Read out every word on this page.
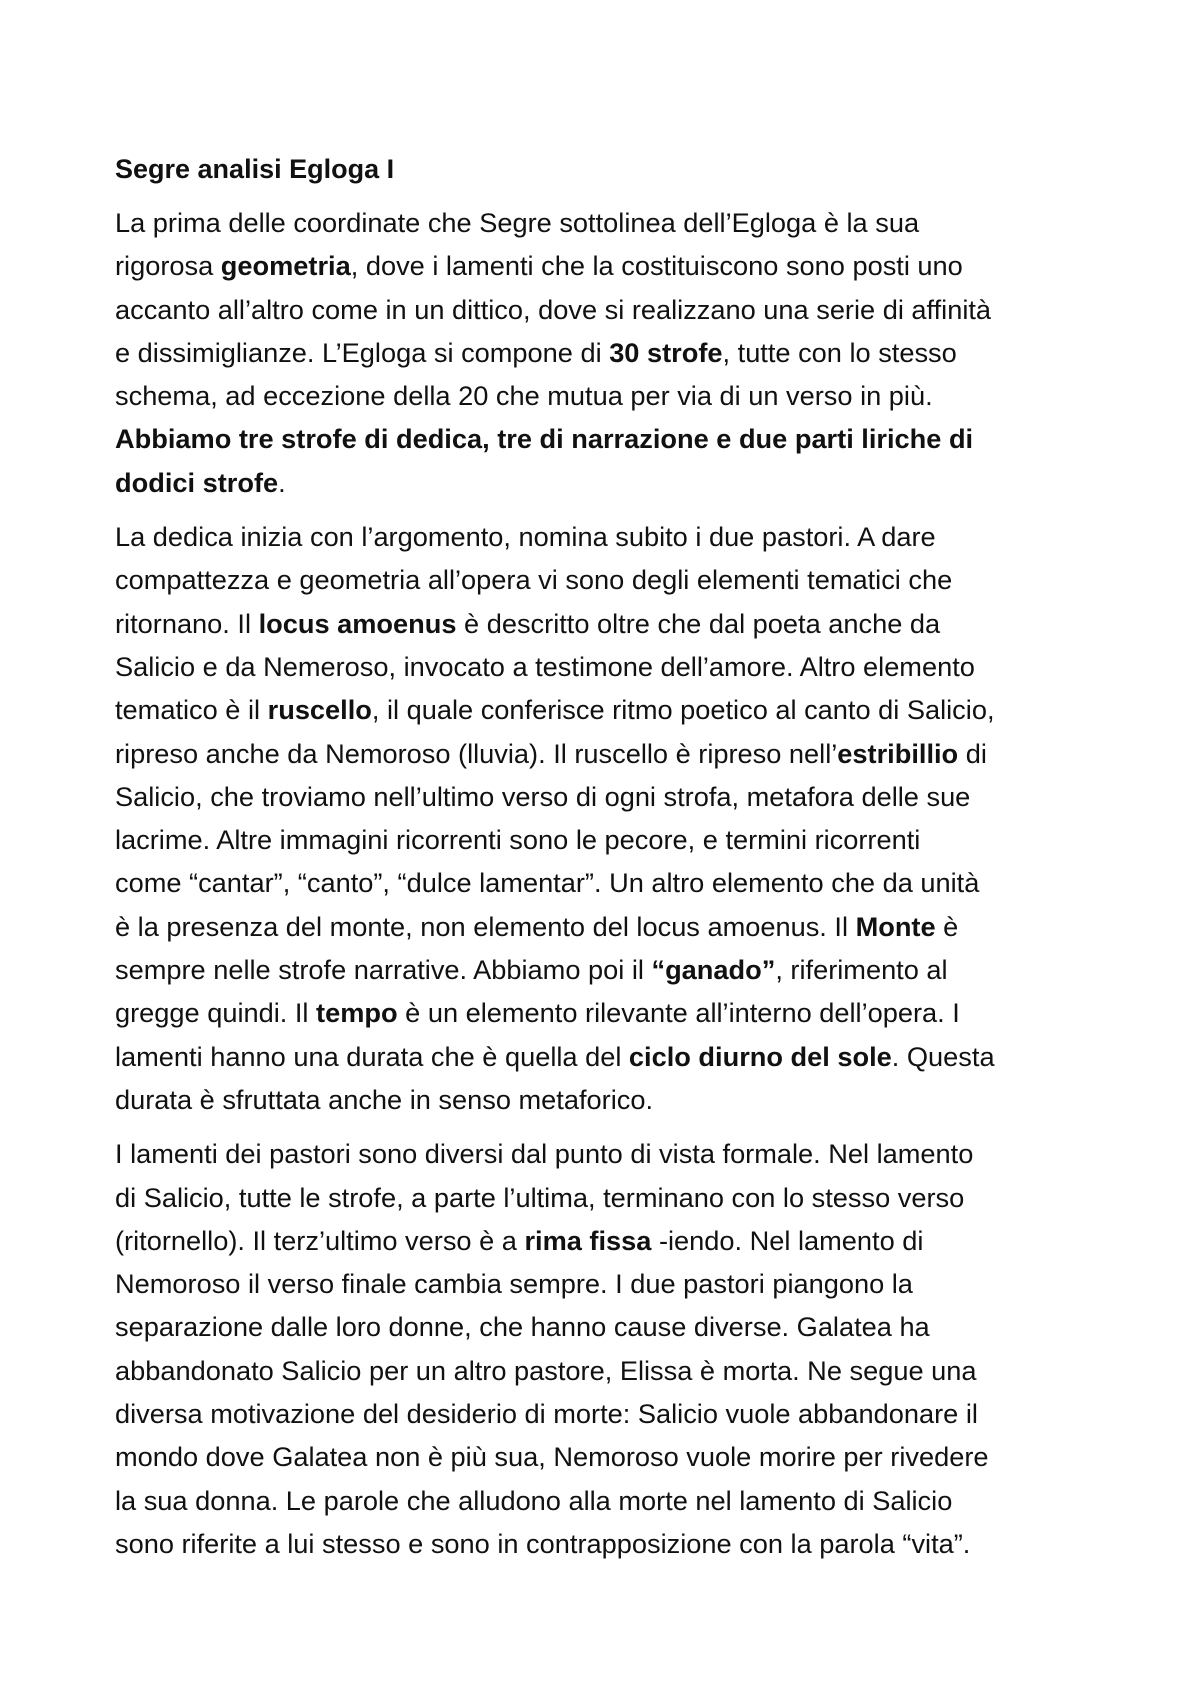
Segre analisi Egloga I
La prima delle coordinate che Segre sottolinea dell’Egloga è la sua
rigorosa geometria, dove i lamenti che la costituiscono sono posti uno
accanto all’altro come in un dittico, dove si realizzano una serie di affinità
e dissimiglianze. L’Egloga si compone di 30 strofe, tutte con lo stesso
schema, ad eccezione della 20 che mutua per via di un verso in più.
Abbiamo tre strofe di dedica, tre di narrazione e due parti liriche di
dodici strofe.
La dedica inizia con l’argomento, nomina subito i due pastori. A dare
compattezza e geometria all’opera vi sono degli elementi tematici che
ritornano. Il locus amoenus è descritto oltre che dal poeta anche da
Salicio e da Nemeroso, invocato a testimone dell’amore. Altro elemento
tematico è il ruscello, il quale conferisce ritmo poetico al canto di Salicio,
ripreso anche da Nemoroso (lluvia). Il ruscello è ripreso nell’estribillio di
Salicio, che troviamo nell’ultimo verso di ogni strofa, metafora delle sue
lacrime. Altre immagini ricorrenti sono le pecore, e termini ricorrenti
come “cantar”, “canto”, “dulce lamentar”. Un altro elemento che da unità
è la presenza del monte, non elemento del locus amoenus. Il Monte è
sempre nelle strofe narrative. Abbiamo poi il “ganado”, riferimento al
gregge quindi. Il tempo è un elemento rilevante all’interno dell’opera. I
lamenti hanno una durata che è quella del ciclo diurno del sole. Questa
durata è sfruttata anche in senso metaforico.
I lamenti dei pastori sono diversi dal punto di vista formale. Nel lamento
di Salicio, tutte le strofe, a parte l’ultima, terminano con lo stesso verso
(ritornello). Il terz’ultimo verso è a rima fissa -iendo. Nel lamento di
Nemoroso il verso finale cambia sempre. I due pastori piangono la
separazione dalle loro donne, che hanno cause diverse. Galatea ha
abbandonato Salicio per un altro pastore, Elissa è morta. Ne segue una
diversa motivazione del desiderio di morte: Salicio vuole abbandonare il
mondo dove Galatea non è più sua, Nemoroso vuole morire per rivedere
la sua donna. Le parole che alludono alla morte nel lamento di Salicio
sono riferite a lui stesso e sono in contrapposizione con la parola “vita”.
